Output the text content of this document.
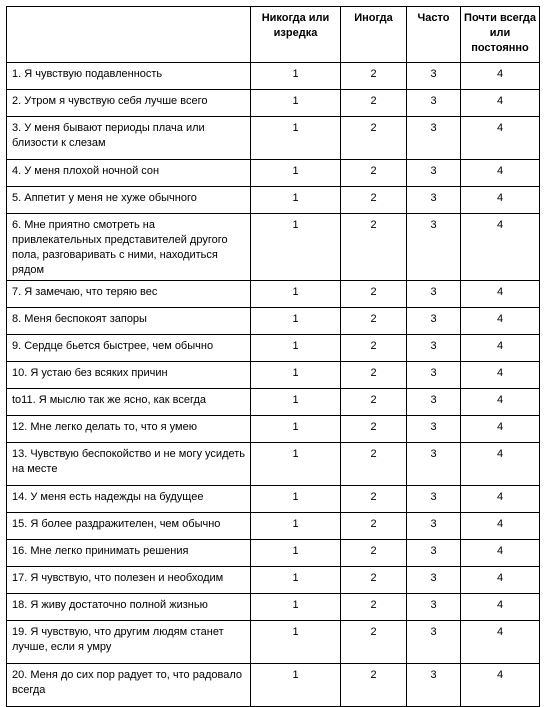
	Никогда или изредка	Иногда	Часто	Почти всегда или постоянно
1. Я чувствую подавленность	1	2	3	4
2. Утром я чувствую себя лучше всего	1	2	3	4
3. У меня бывают периоды плача или близости к слезам	1	2	3	4
4. У меня плохой ночной сон	1	2	3	4
5. Аппетит у меня не хуже обычного	1	2	3	4
6. Мне приятно смотреть на привлекательных представителей другого пола, разговаривать с ними, находиться рядом	1	2	3	4
7. Я замечаю, что теряю вес	1	2	3	4
8. Меня беспокоят запоры	1	2	3	4
9. Сердце бьется быстрее, чем обычно	1	2	3	4
10. Я устаю без всяких причин	1	2	3	4
to11. Я мыслю так же ясно, как всегда	1	2	3	4
12. Мне легко делать то, что я умею	1	2	3	4
13. Чувствую беспокойство и не могу усидеть на месте	1	2	3	4
14. У меня есть надежды на будущее	1	2	3	4
15. Я более раздражителен, чем обычно	1	2	3	4
16. Мне легко принимать решения	1	2	3	4
17. Я чувствую, что полезен и необходим	1	2	3	4
18. Я живу достаточно полной жизнью	1	2	3	4
19. Я чувствую, что другим людям станет лучше, если я умру	1	2	3	4
20. Меня до сих пор радует то, что радовало всегда	1	2	3	4
